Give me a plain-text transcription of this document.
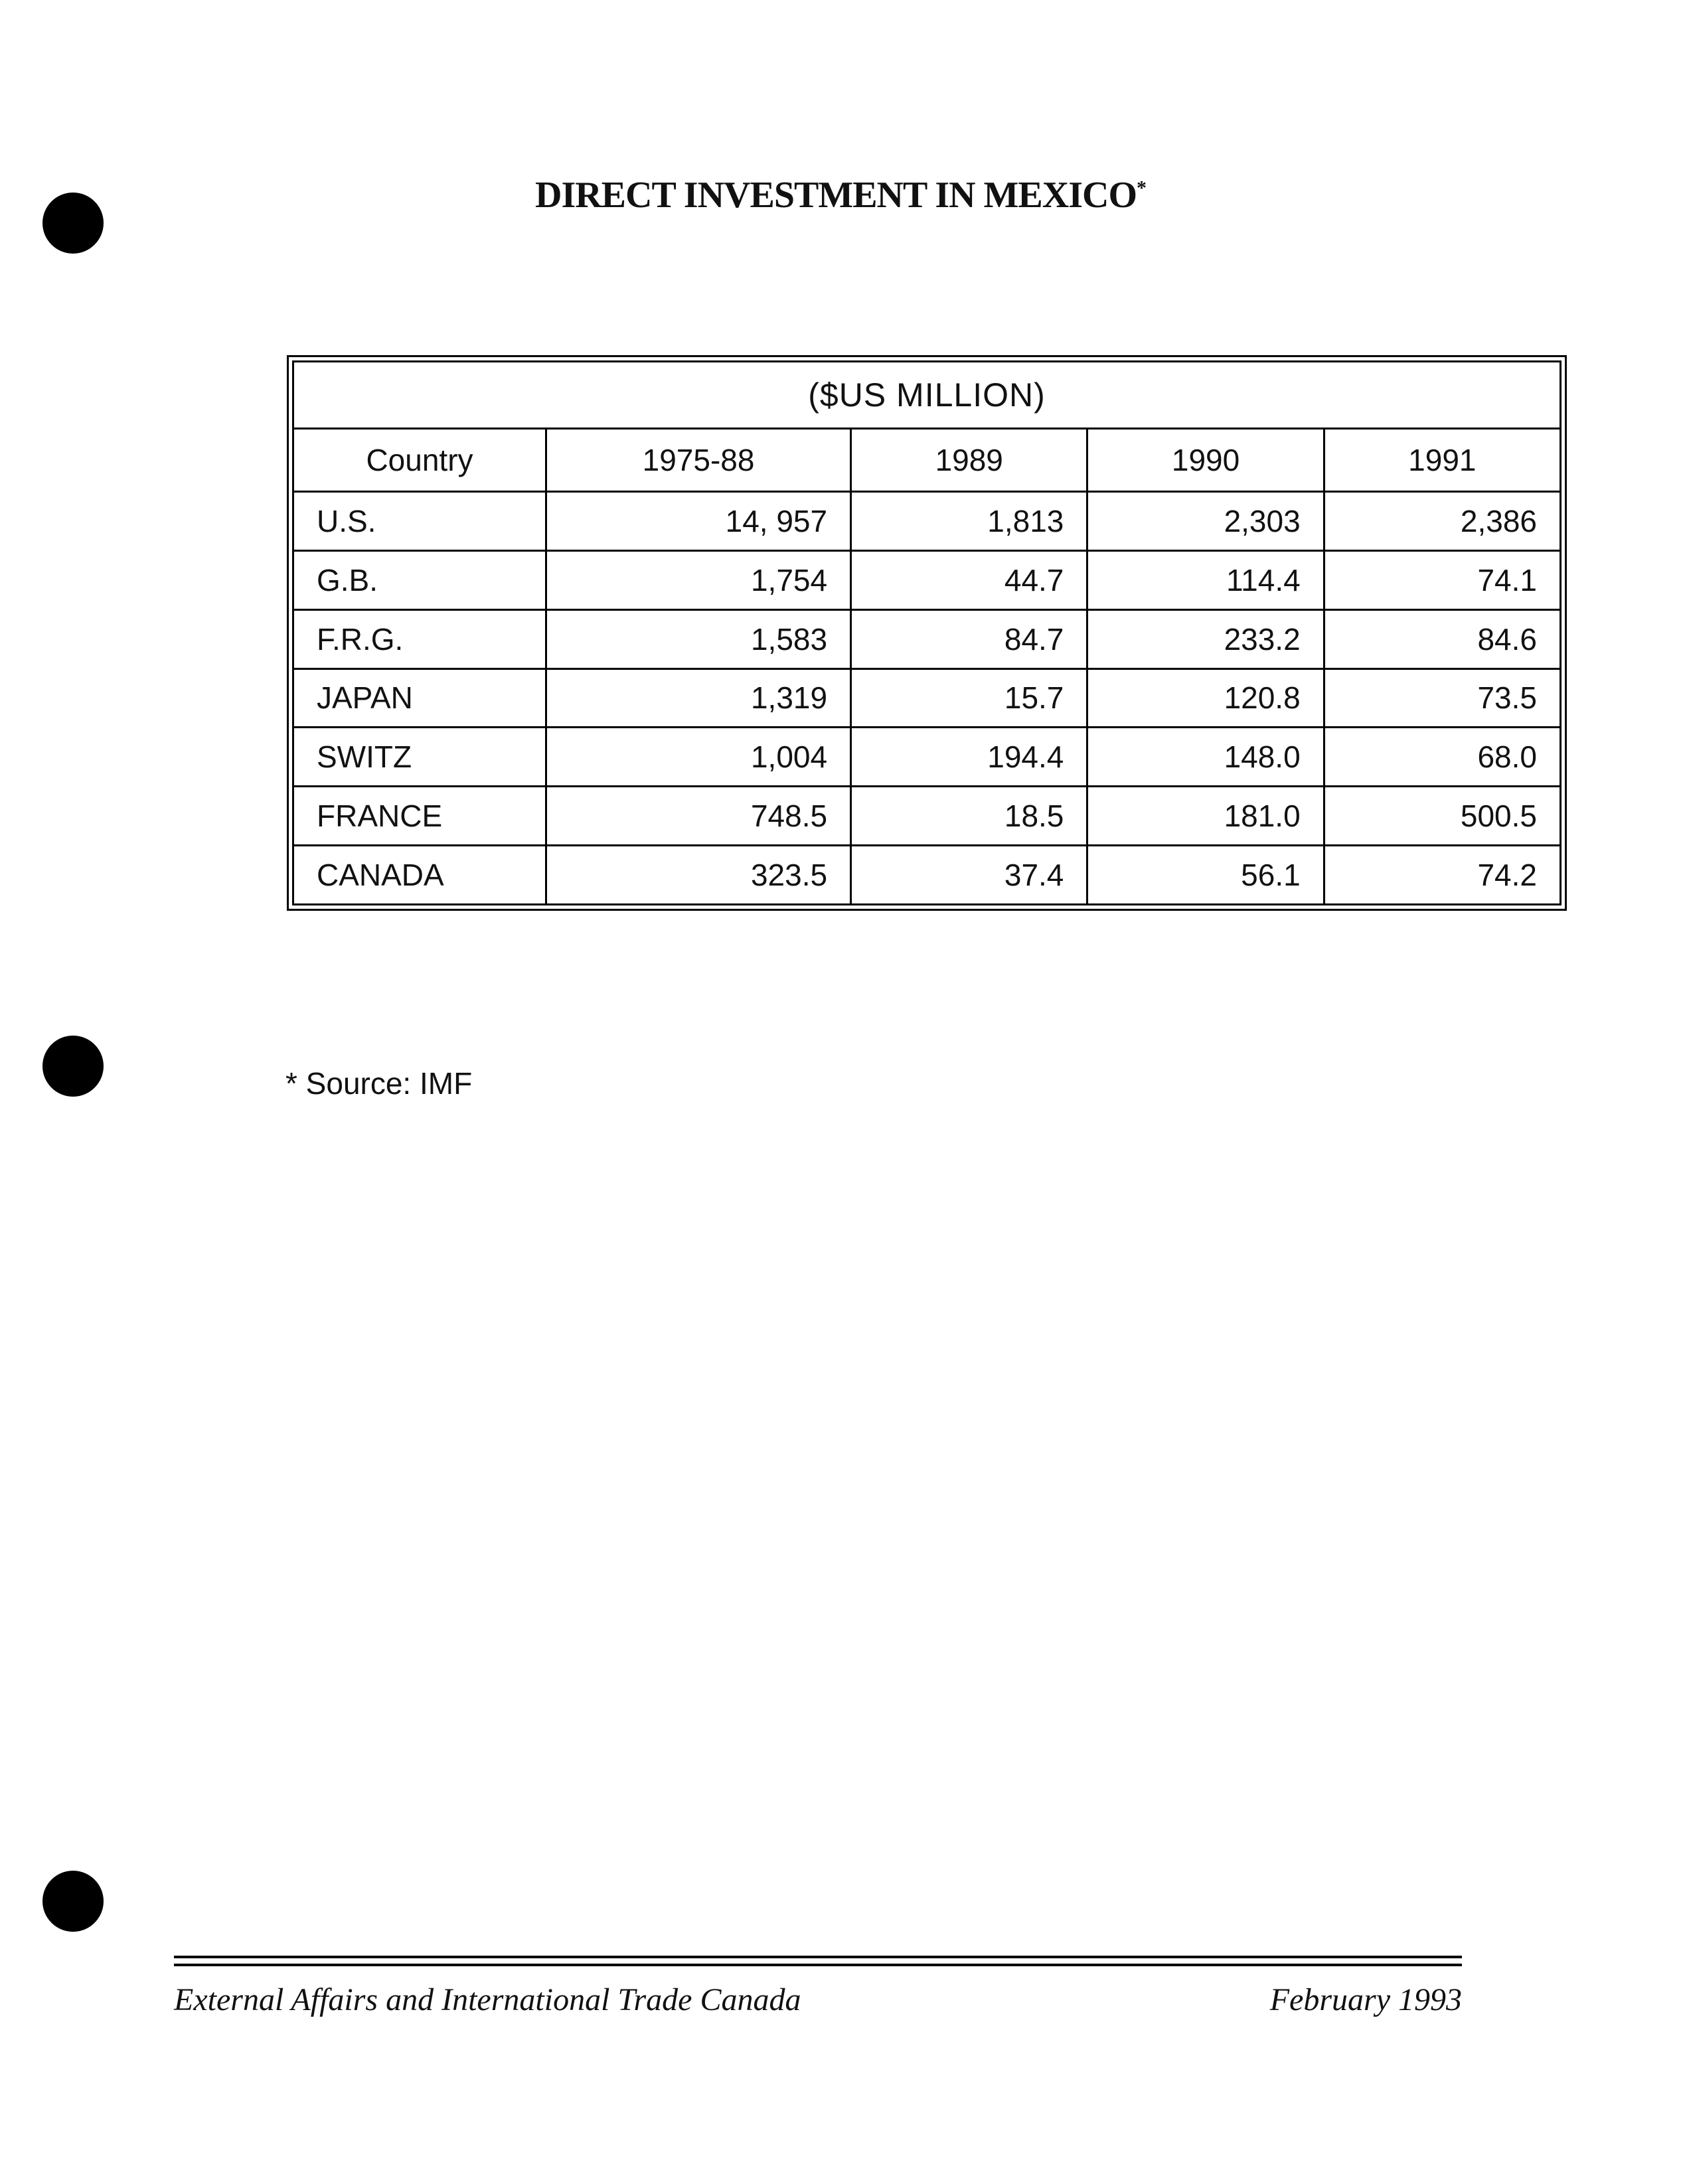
DIRECT INVESTMENT IN MEXICO*
($US MILLION)				
Country	1975-88	1989	1990	1991
U.S.	14, 957	1,813	2,303	2,386
G.B.	1,754	44.7	114.4	74.1
F.R.G.	1,583	84.7	233.2	84.6
JAPAN	1,319	15.7	120.8	73.5
SWITZ	1,004	194.4	148.0	68.0
FRANCE	748.5	18.5	181.0	500.5
CANADA	323.5	37.4	56.1	74.2
* Source: IMF
External Affairs and International Trade Canada	February 1993
